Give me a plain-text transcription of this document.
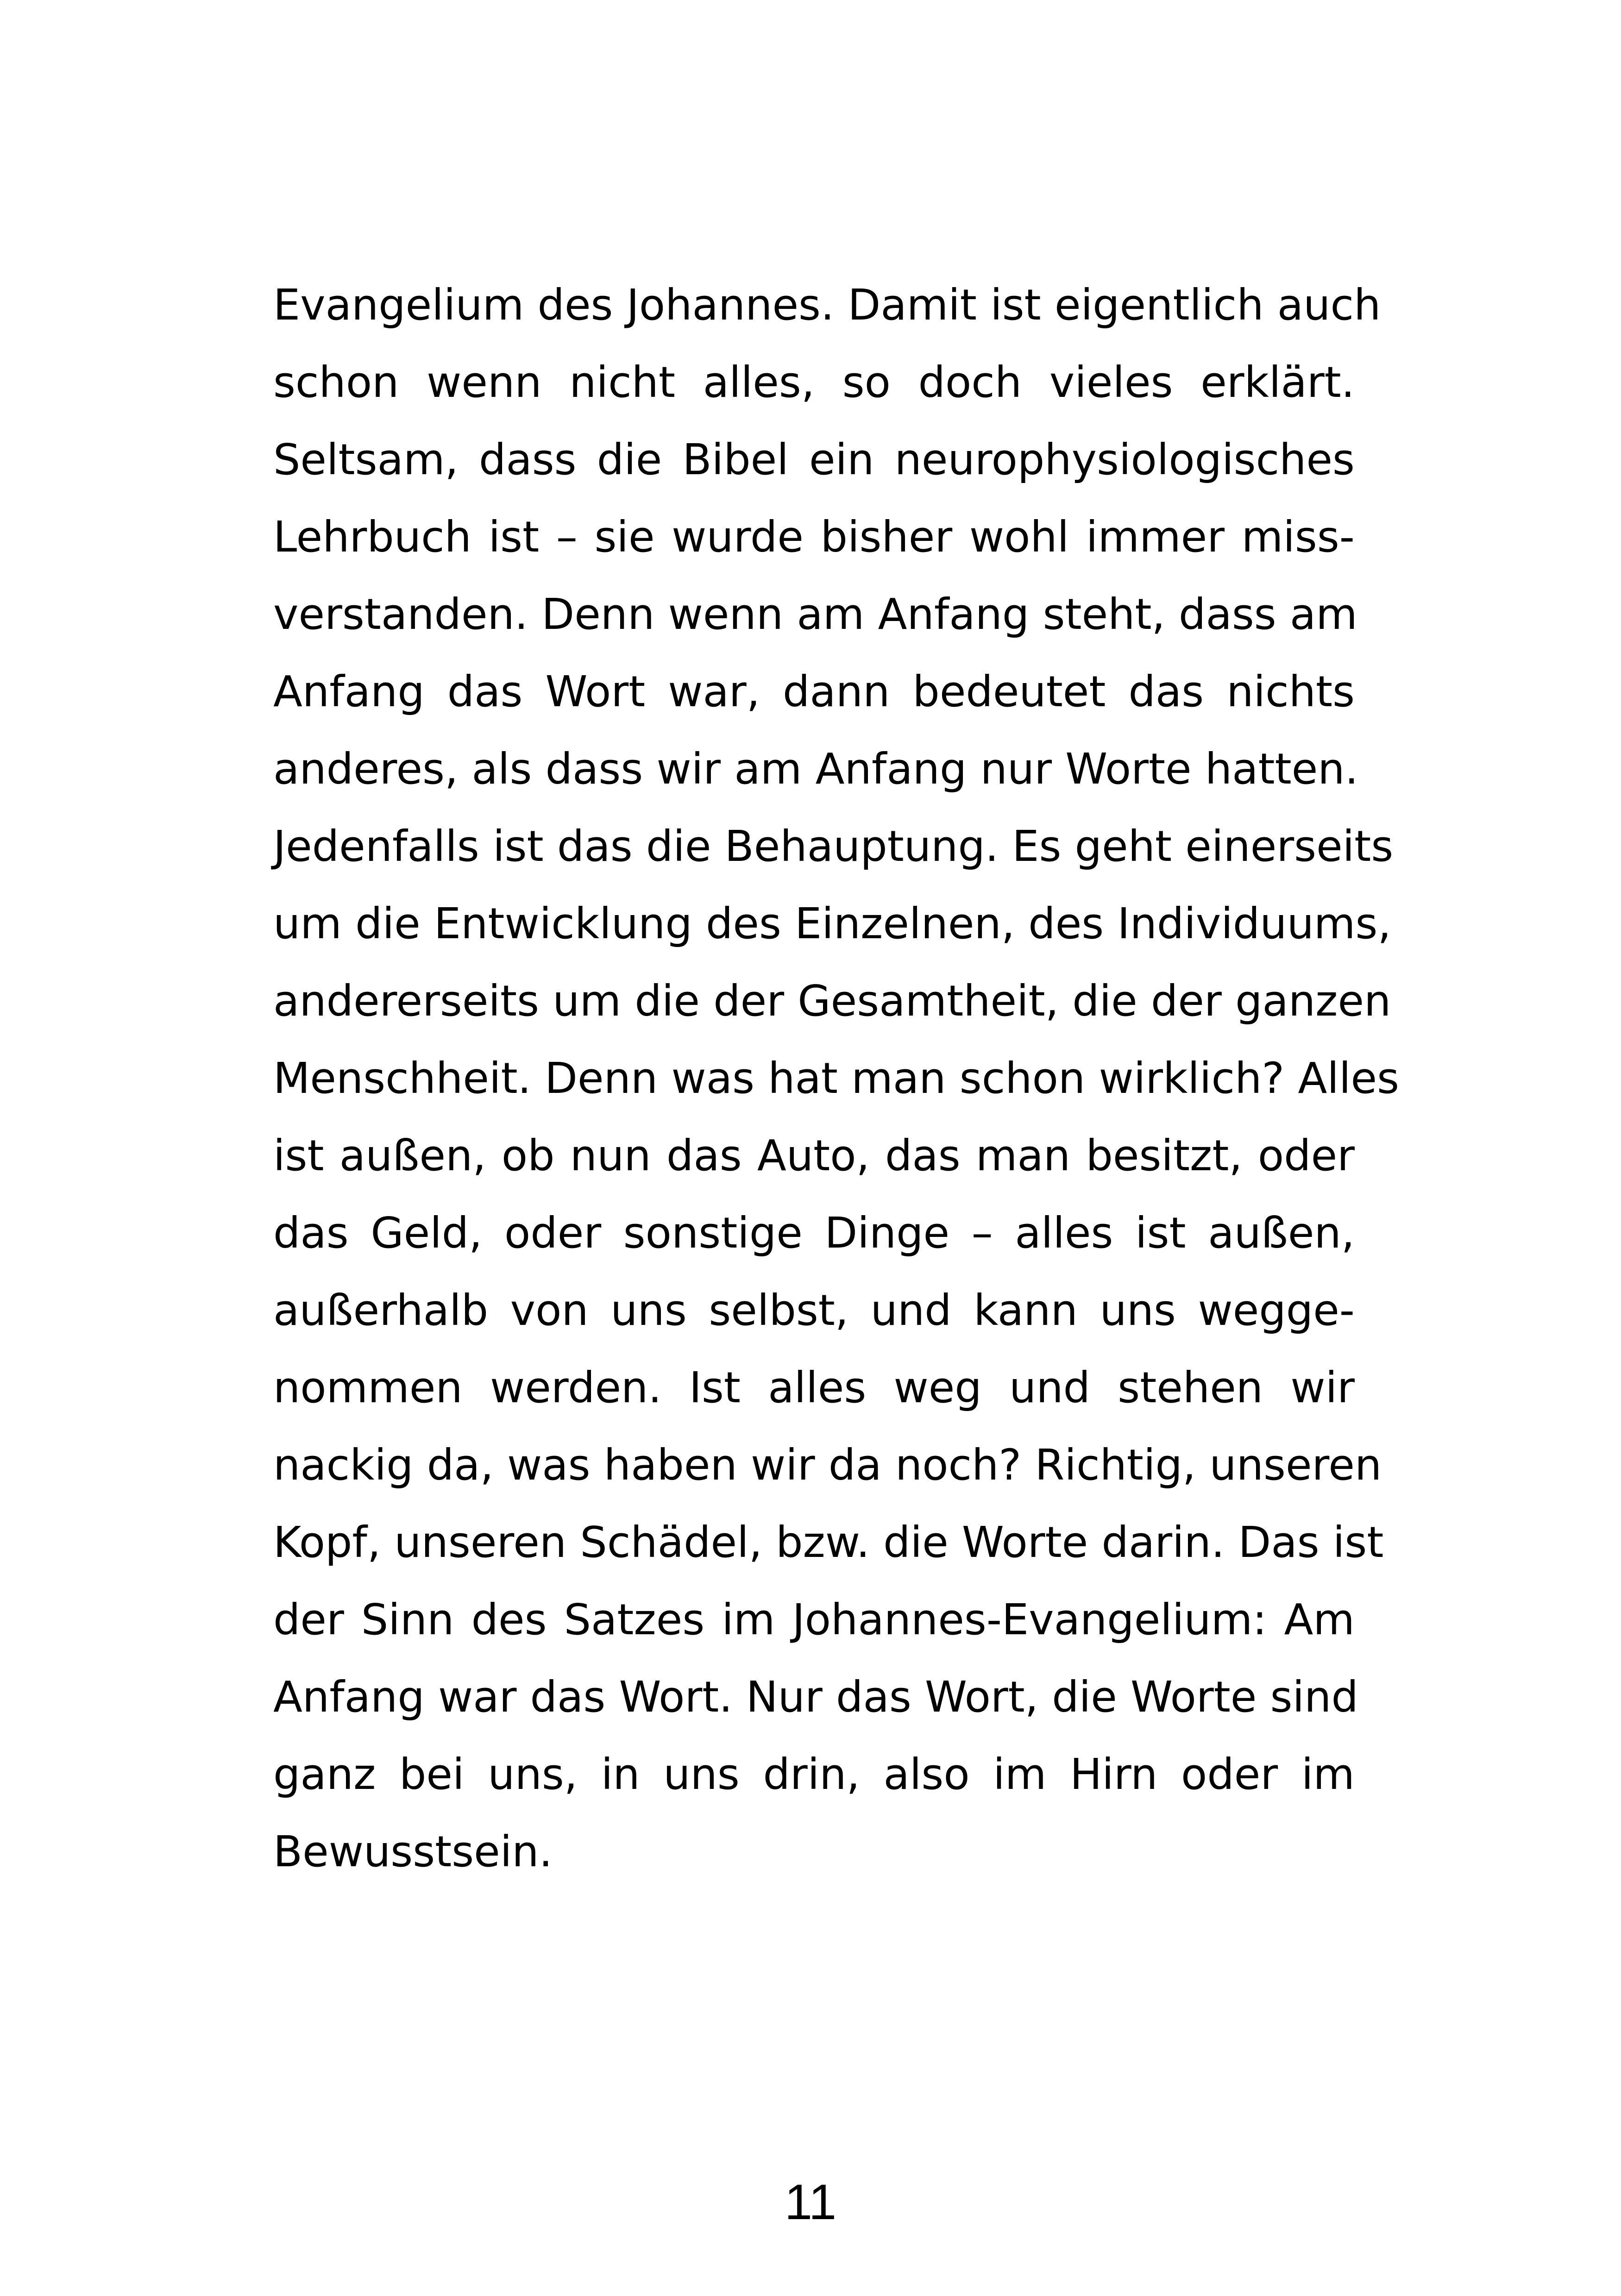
Evangelium des Johannes. Damit ist eigentlich auch
schon wenn nicht alles, so doch vieles erklärt.
Seltsam, dass die Bibel ein neurophysiologisches
Lehrbuch ist – sie wurde bisher wohl immer miss-
verstanden. Denn wenn am Anfang steht, dass am
Anfang das Wort war, dann bedeutet das nichts
anderes, als dass wir am Anfang nur Worte hatten.
Jedenfalls ist das die Behauptung. Es geht einerseits
um die Entwicklung des Einzelnen, des Individuums,
andererseits um die der Gesamtheit, die der ganzen
Menschheit. Denn was hat man schon wirklich? Alles
ist außen, ob nun das Auto, das man besitzt, oder
das Geld, oder sonstige Dinge – alles ist außen,
außerhalb von uns selbst, und kann uns wegge-
nommen werden. Ist alles weg und stehen wir
nackig da, was haben wir da noch? Richtig, unseren
Kopf, unseren Schädel, bzw. die Worte darin. Das ist
der Sinn des Satzes im Johannes-Evangelium: Am
Anfang war das Wort. Nur das Wort, die Worte sind
ganz bei uns, in uns drin, also im Hirn oder im
Bewusstsein.
11
